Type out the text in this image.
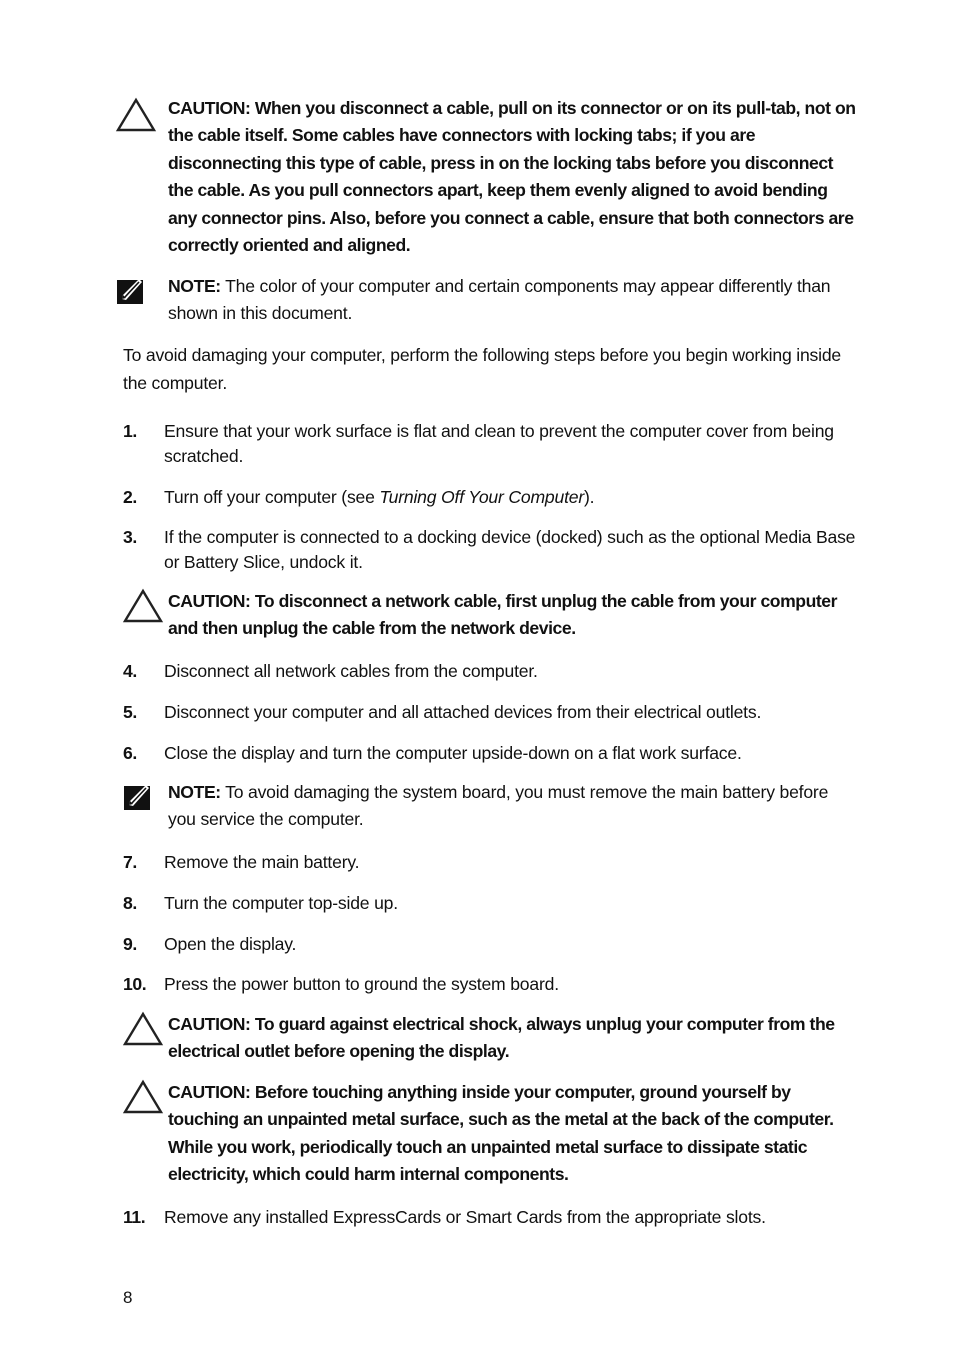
CAUTION: When you disconnect a cable, pull on its connector or on its pull-tab, not on the cable itself. Some cables have connectors with locking tabs; if you are disconnecting this type of cable, press in on the locking tabs before you disconnect the cable. As you pull connectors apart, keep them evenly aligned to avoid bending any connector pins. Also, before you connect a cable, ensure that both connectors are correctly oriented and aligned.
NOTE: The color of your computer and certain components may appear differently than shown in this document.
To avoid damaging your computer, perform the following steps before you begin working inside the computer.
1.	Ensure that your work surface is flat and clean to prevent the computer cover from being scratched.
2.	Turn off your computer (see Turning Off Your Computer).
3.	If the computer is connected to a docking device (docked) such as the optional Media Base or Battery Slice, undock it.
CAUTION: To disconnect a network cable, first unplug the cable from your computer and then unplug the cable from the network device.
4.	Disconnect all network cables from the computer.
5.	Disconnect your computer and all attached devices from their electrical outlets.
6.	Close the display and turn the computer upside-down on a flat work surface.
NOTE: To avoid damaging the system board, you must remove the main battery before you service the computer.
7.	Remove the main battery.
8.	Turn the computer top-side up.
9.	Open the display.
10.	Press the power button to ground the system board.
CAUTION: To guard against electrical shock, always unplug your computer from the electrical outlet before opening the display.
CAUTION: Before touching anything inside your computer, ground yourself by touching an unpainted metal surface, such as the metal at the back of the computer. While you work, periodically touch an unpainted metal surface to dissipate static electricity, which could harm internal components.
11.	Remove any installed ExpressCards or Smart Cards from the appropriate slots.
8
